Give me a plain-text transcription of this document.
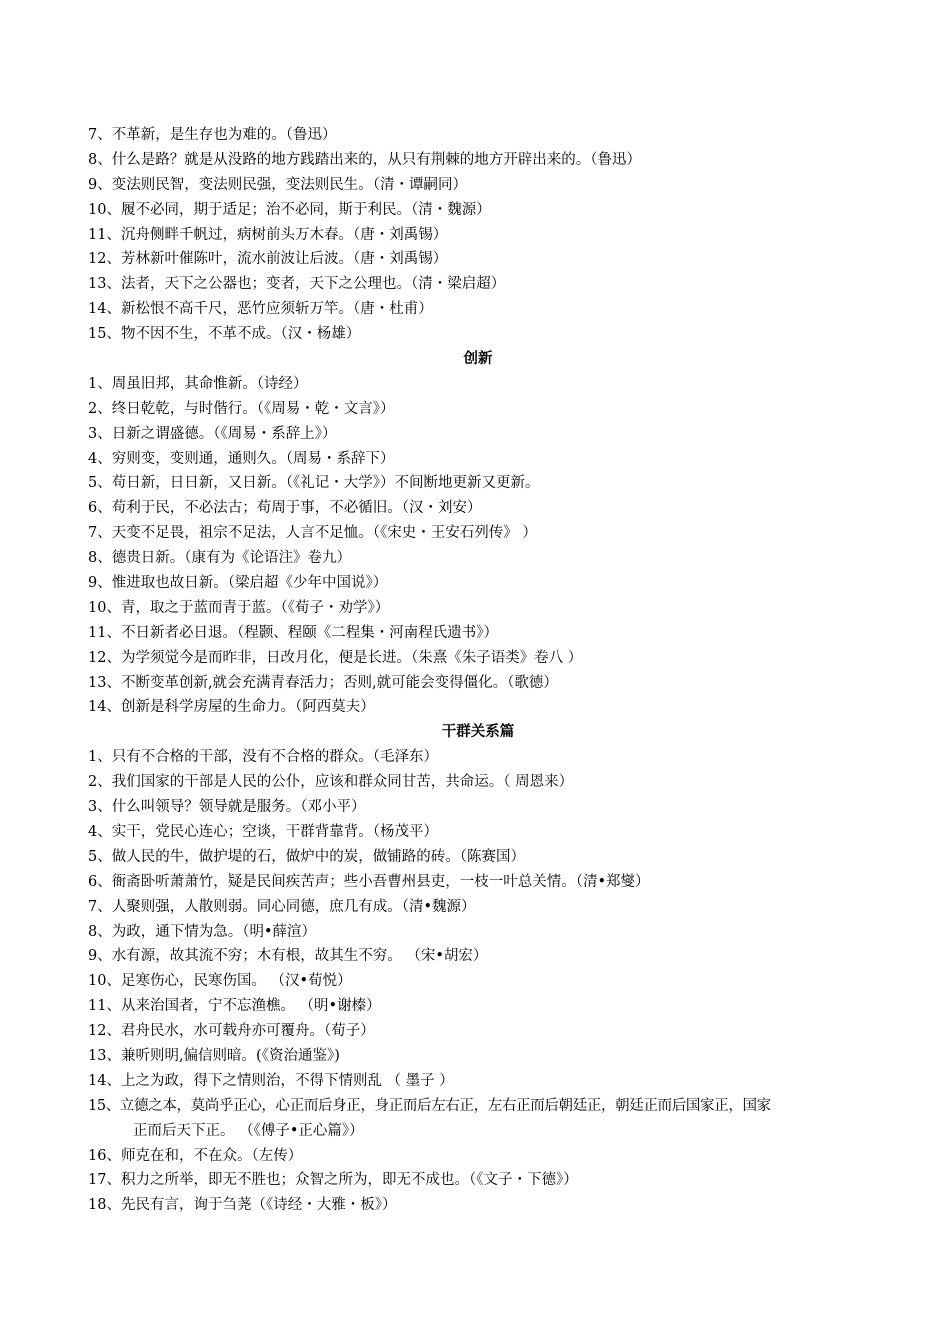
7、不革新，是生存也为难的。（鲁迅）
8、什么是路？就是从没路的地方践踏出来的，从只有荆棘的地方开辟出来的。（鲁迅）
9、变法则民智，变法则民强，变法则民生。（清・谭嗣同）
10、履不必同，期于适足；治不必同，斯于利民。（清・魏源）
11、沉舟侧畔千帆过，病树前头万木春。（唐・刘禹锡）
12、芳林新叶催陈叶，流水前波让后波。（唐・刘禹锡）
13、法者，天下之公器也；变者，天下之公理也。（清・梁启超）
14、新松恨不高千尺，恶竹应须斩万竿。（唐・杜甫）
15、物不因不生，不革不成。（汉・杨雄）
创新
1、周虽旧邦，其命惟新。（诗经）
2、终日乾乾，与时偕行。（《周易・乾・文言》）
3、日新之谓盛德。（《周易・系辞上》）
4、穷则变，变则通，通则久。（周易・系辞下）
5、苟日新，日日新，又日新。（《礼记・大学》）不间断地更新又更新。
6、苟利于民，不必法古；苟周于事，不必循旧。（汉・刘安）
7、天变不足畏，祖宗不足法，人言不足恤。（《宋史・王安石列传》 ）
8、德贵日新。（康有为《论语注》卷九）
9、惟进取也故日新。（梁启超《少年中国说》）
10、青，取之于蓝而青于蓝。（《荀子・劝学》）
11、不日新者必日退。（程颢、程颐《二程集・河南程氏遗书》）
12、为学须觉今是而昨非，日改月化，便是长进。（朱熹《朱子语类》卷八 ）
13、不断变革创新,就会充满青春活力；否则,就可能会变得僵化。（歌德）
14、创新是科学房屋的生命力。（阿西莫夫）
干群关系篇
1、只有不合格的干部，没有不合格的群众。（毛泽东）
2、我们国家的干部是人民的公仆，应该和群众同甘苦，共命运。（ 周恩来）
3、什么叫领导？领导就是服务。（邓小平）
4、实干，党民心连心；空谈，干群背靠背。（杨茂平）
5、做人民的牛，做护堤的石，做炉中的炭，做铺路的砖。（陈赛国）
6、衙斋卧听萧萧竹，疑是民间疾苦声；些小吾曹州县吏，一枝一叶总关情。（清•郑燮）
7、人聚则强，人散则弱。同心同德，庶几有成。（清•魏源）
8、为政，通下情为急。（明•薛渲）
9、水有源，故其流不穷；木有根，故其生不穷。 （宋•胡宏）
10、足寒伤心，民寒伤国。 （汉•荀悦）
11、从来治国者，宁不忘渔樵。 （明•谢榛）
12、君舟民水，水可载舟亦可覆舟。（荀子）
13、兼听则明,偏信则暗。(《资治通鉴》)
14、上之为政，得下之情则治，不得下情则乱 （ 墨子 ）
15、立德之本，莫尚乎正心，心正而后身正，身正而后左右正，左右正而后朝廷正，朝廷正而后国家正，国家
正而后天下正。 （《傅子•正心篇》）
16、师克在和，不在众。（左传）
17、积力之所举，即无不胜也；众智之所为，即无不成也。（《文子・下德》）
18、先民有言，询于刍荛（《诗经・大雅・板》）
